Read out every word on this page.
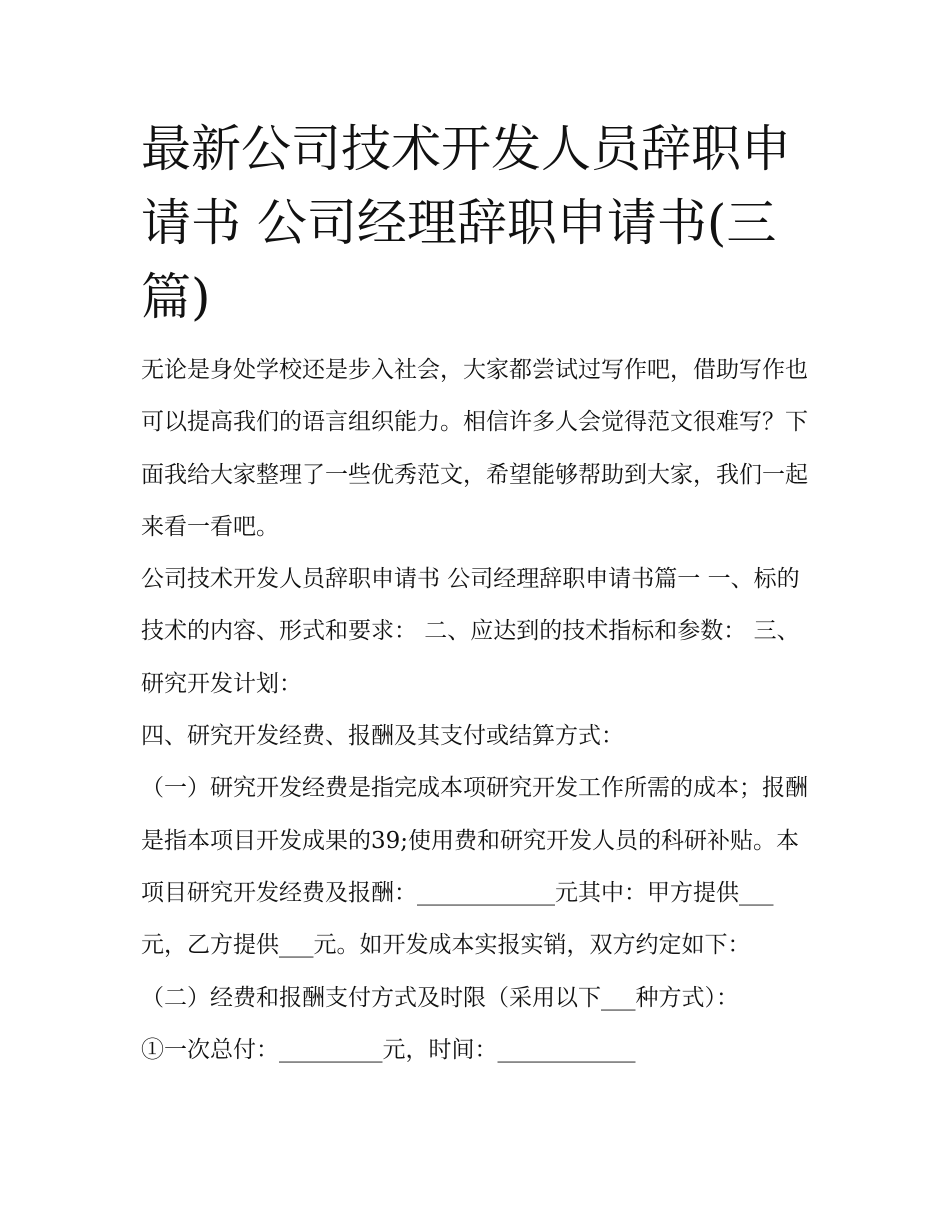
最新公司技术开发人员辞职申请书 公司经理辞职申请书(三篇)

无论是身处学校还是步入社会，大家都尝试过写作吧，借助写作也可以提高我们的语言组织能力。相信许多人会觉得范文很难写？下面我给大家整理了一些优秀范文，希望能够帮助到大家，我们一起来看一看吧。

公司技术开发人员辞职申请书 公司经理辞职申请书篇一 一、标的技术的内容、形式和要求： 二、应达到的技术指标和参数： 三、研究开发计划：

四、研究开发经费、报酬及其支付或结算方式：

（一）研究开发经费是指完成本项研究开发工作所需的成本；报酬是指本项目开发成果的39;使用费和研究开发人员的科研补贴。本项目研究开发经费及报酬：____________元其中：甲方提供___元，乙方提供___元。如开发成本实报实销，双方约定如下：

（二）经费和报酬支付方式及时限（采用以下___种方式）：

①一次总付：_________元，时间：____________
